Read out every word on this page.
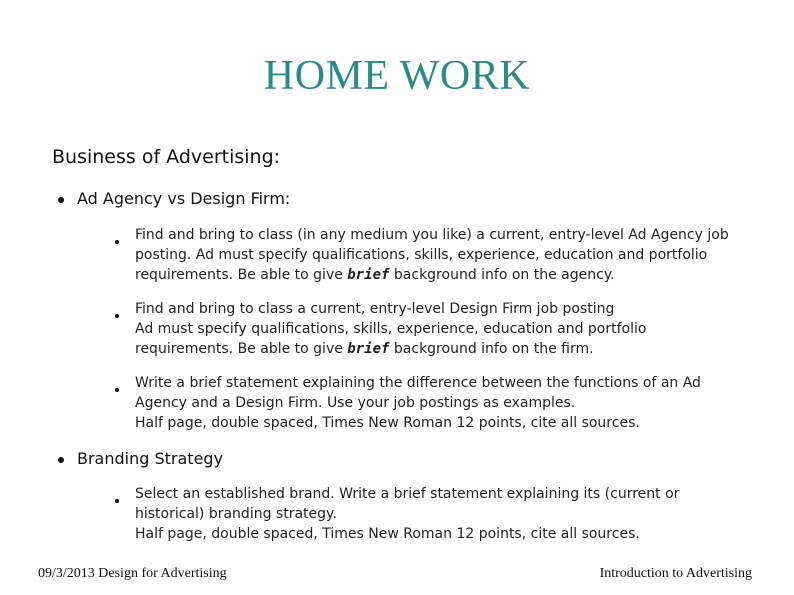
HOME WORK
Business of Advertising:
Ad Agency vs Design Firm:
Find and bring to class (in any medium you like) a current, entry-level Ad Agency job
posting. Ad must specify qualifications, skills, experience, education and portfolio
requirements. Be able to give brief background info on the agency.
Find and bring to class a current, entry-level Design Firm job posting
Ad must specify qualifications, skills, experience, education and portfolio
requirements. Be able to give brief background info on the firm.
Write a brief statement explaining the difference between the functions of an Ad
Agency and a Design Firm. Use your job postings as examples.
Half page, double spaced, Times New Roman 12 points, cite all sources.
Branding Strategy
Select an established brand. Write a brief statement explaining its (current or
historical) branding strategy.
Half page, double spaced, Times New Roman 12 points, cite all sources.
09/3/2013 Design for Advertising	Introduction to Advertising
